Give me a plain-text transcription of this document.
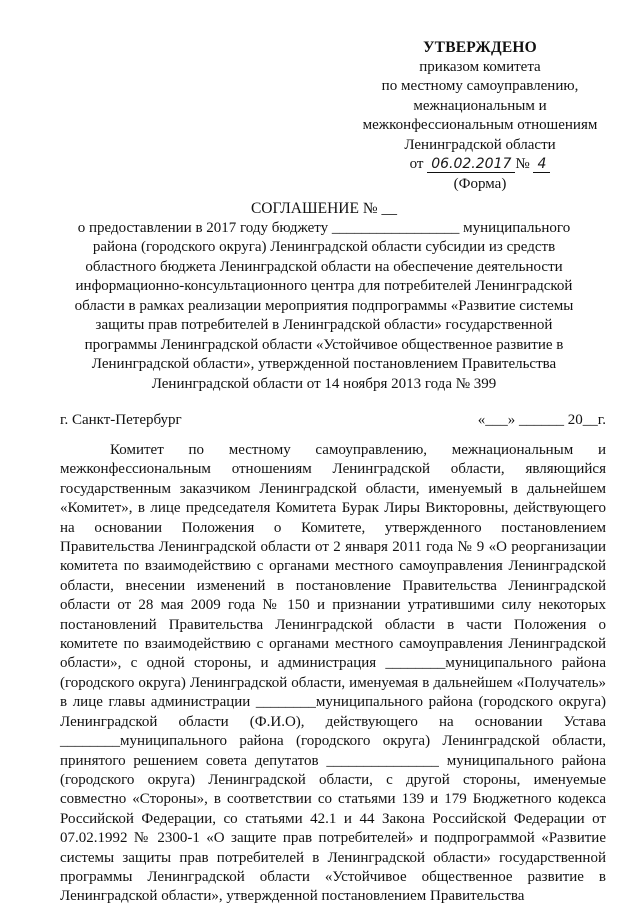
УТВЕРЖДЕНО
приказом комитета
по местному самоуправлению,
межнациональным и
межконфессиональным отношениям
Ленинградской области
от 06.02.2017 № 4
(Форма)
СОГЛАШЕНИЕ № __
о предоставлении в 2017 году бюджету _________________ муниципального района (городского округа) Ленинградской области субсидии из средств областного бюджета Ленинградской области на обеспечение деятельности информационно-консультационного центра для потребителей Ленинградской области в рамках реализации мероприятия подпрограммы «Развитие системы защиты прав потребителей в Ленинградской области» государственной программы Ленинградской области «Устойчивое общественное развитие в Ленинградской области», утвержденной постановлением Правительства Ленинградской области от 14 ноября 2013 года № 399
г. Санкт-Петербург	«___» ______ 20__г.

Комитет по местному самоуправлению, межнациональным и межконфессиональным отношениям Ленинградской области, являющийся государственным заказчиком Ленинградской области, именуемый в дальнейшем «Комитет», в лице председателя Комитета Бурак Лиры Викторовны, действующего на основании Положения о Комитете, утвержденного постановлением Правительства Ленинградской области от 2 января 2011 года № 9 «О реорганизации комитета по взаимодействию с органами местного самоуправления Ленинградской области, внесении изменений в постановление Правительства Ленинградской области от 28 мая 2009 года № 150 и признании утратившими силу некоторых постановлений Правительства Ленинградской области в части Положения о комитете по взаимодействию с органами местного самоуправления Ленинградской области», с одной стороны, и администрация ________муниципального района (городского округа) Ленинградской области, именуемая в дальнейшем «Получатель» в лице главы администрации ________муниципального района (городского округа) Ленинградской области (Ф.И.О), действующего на основании Устава ________муниципального района (городского округа) Ленинградской области, принятого решением совета депутатов _______________ муниципального района (городского округа) Ленинградской области, с другой стороны, именуемые совместно «Стороны», в соответствии со статьями 139 и 179 Бюджетного кодекса Российской Федерации, со статьями 42.1 и 44 Закона Российской Федерации от 07.02.1992 № 2300-1 «О защите прав потребителей» и подпрограммой «Развитие системы защиты прав потребителей в Ленинградской области» государственной программы Ленинградской области «Устойчивое общественное развитие в Ленинградской области», утвержденной постановлением Правительства
